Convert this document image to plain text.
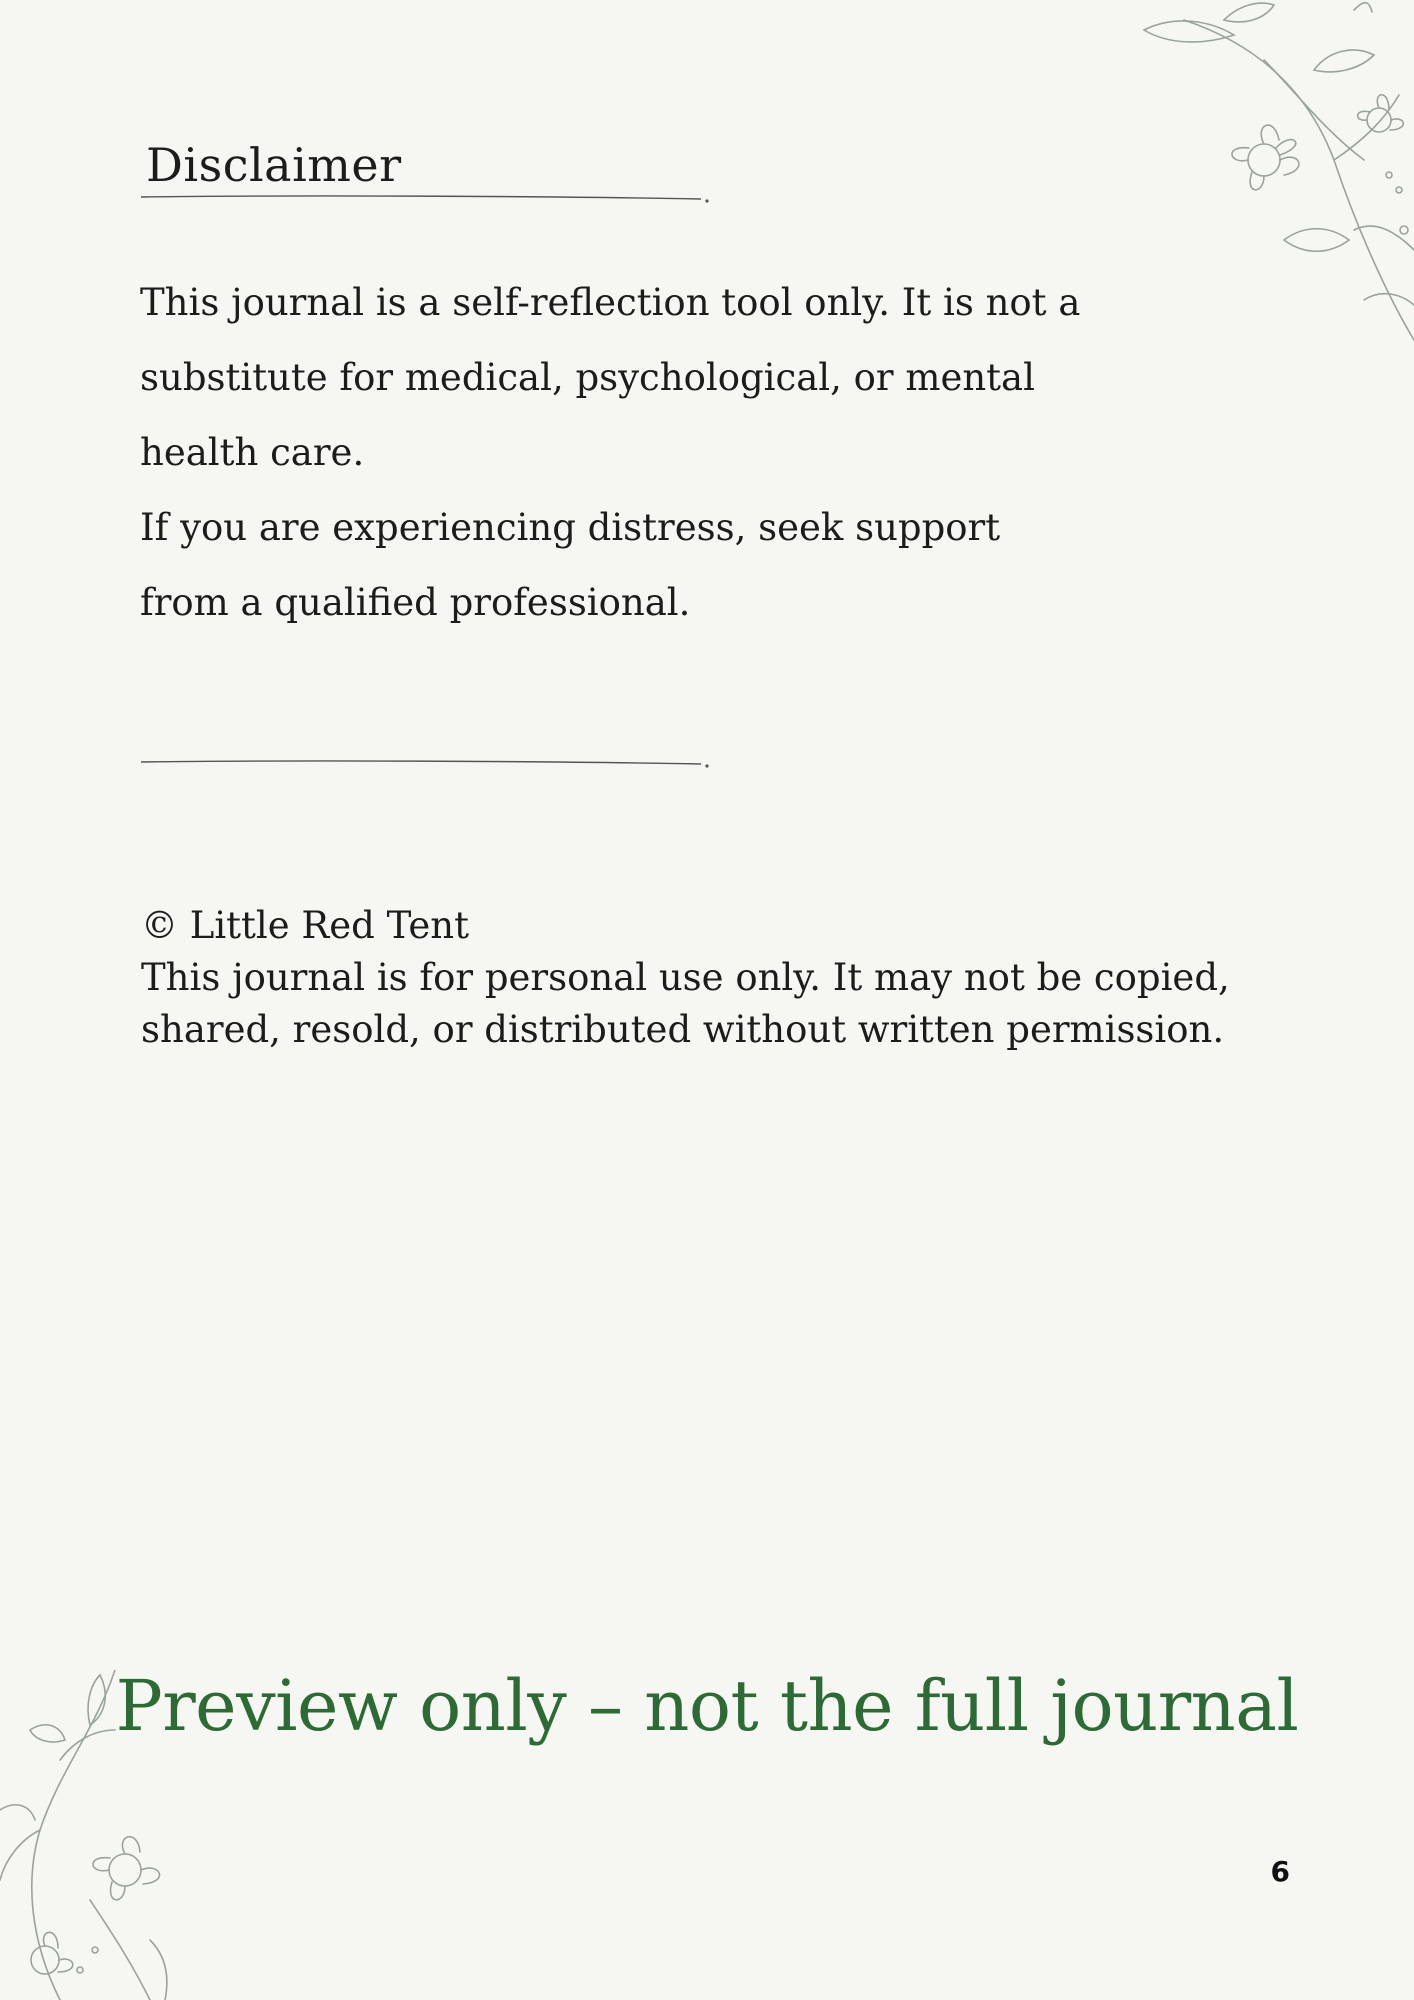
Disclaimer

This journal is a self-reflection tool only. It is not a substitute for medical, psychological, or mental health care.

If you are experiencing distress, seek support from a qualified professional.

© Little Red Tent

This journal is for personal use only. It may not be copied, shared, resold, or distributed without written permission.

Preview only – not the full journal
6
